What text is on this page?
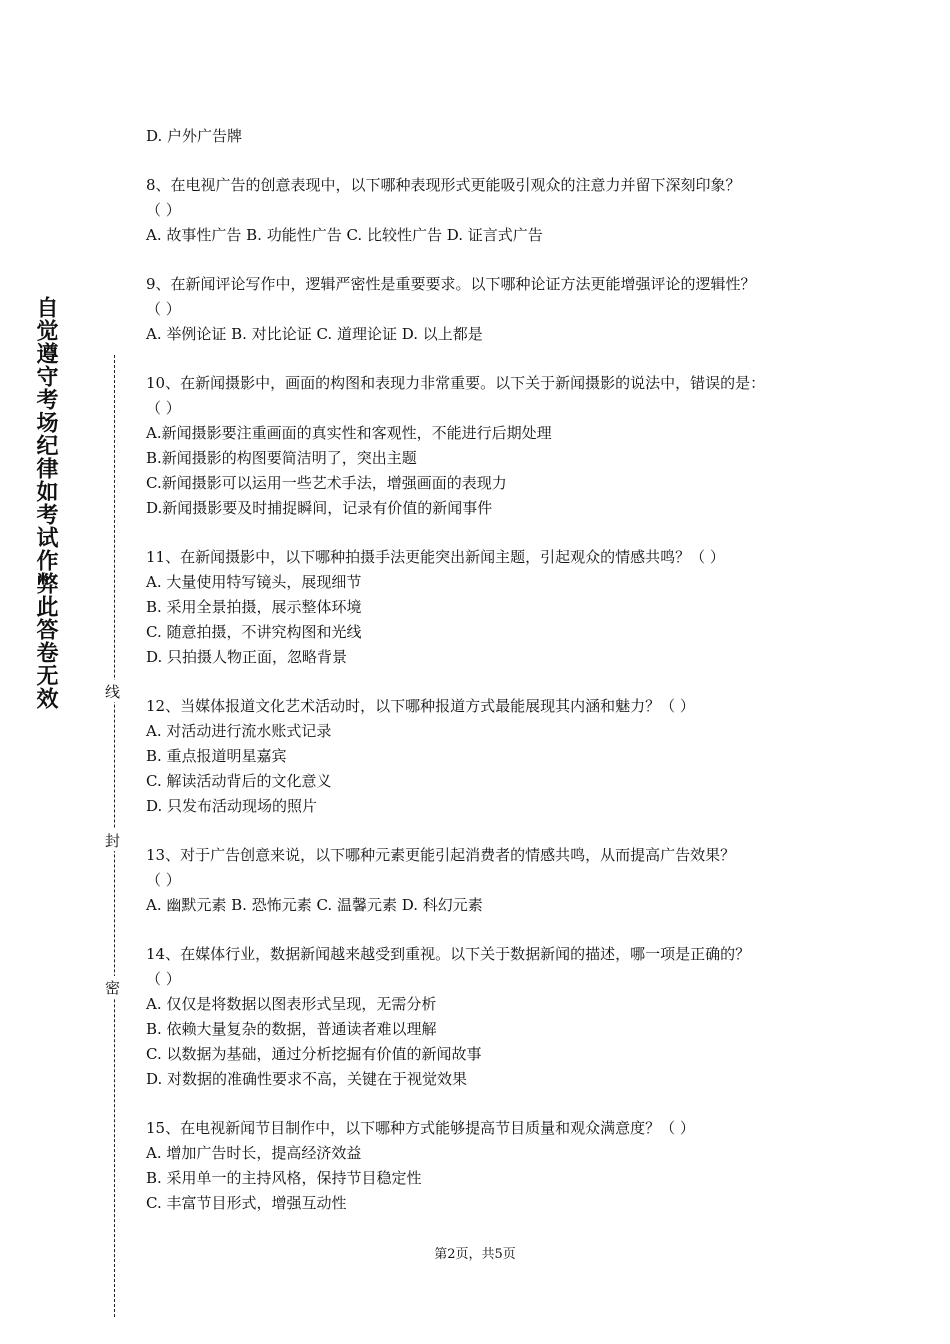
自觉遵守考场纪律如考试作弊此答卷无效	线
封
密
D. 户外广告牌
8、在电视广告的创意表现中，以下哪种表现形式更能吸引观众的注意力并留下深刻印象？
（ ）
A. 故事性广告 B. 功能性广告 C. 比较性广告 D. 证言式广告
9、在新闻评论写作中，逻辑严密性是重要要求。以下哪种论证方法更能增强评论的逻辑性？
（ ）
A. 举例论证 B. 对比论证 C. 道理论证 D. 以上都是
10、在新闻摄影中，画面的构图和表现力非常重要。以下关于新闻摄影的说法中，错误的是：
（ ）
A.新闻摄影要注重画面的真实性和客观性，不能进行后期处理
B.新闻摄影的构图要简洁明了，突出主题
C.新闻摄影可以运用一些艺术手法，增强画面的表现力
D.新闻摄影要及时捕捉瞬间，记录有价值的新闻事件
11、在新闻摄影中，以下哪种拍摄手法更能突出新闻主题，引起观众的情感共鸣？（ ）
A. 大量使用特写镜头，展现细节
B. 采用全景拍摄，展示整体环境
C. 随意拍摄，不讲究构图和光线
D. 只拍摄人物正面，忽略背景
12、当媒体报道文化艺术活动时，以下哪种报道方式最能展现其内涵和魅力？（ ）
A. 对活动进行流水账式记录
B. 重点报道明星嘉宾
C. 解读活动背后的文化意义
D. 只发布活动现场的照片
13、对于广告创意来说，以下哪种元素更能引起消费者的情感共鸣，从而提高广告效果？
（ ）
A. 幽默元素 B. 恐怖元素 C. 温馨元素 D. 科幻元素
14、在媒体行业，数据新闻越来越受到重视。以下关于数据新闻的描述，哪一项是正确的？
（ ）
A. 仅仅是将数据以图表形式呈现，无需分析
B. 依赖大量复杂的数据，普通读者难以理解
C. 以数据为基础，通过分析挖掘有价值的新闻故事
D. 对数据的准确性要求不高，关键在于视觉效果
15、在电视新闻节目制作中，以下哪种方式能够提高节目质量和观众满意度？（ ）
A. 增加广告时长，提高经济效益
B. 采用单一的主持风格，保持节目稳定性
C. 丰富节目形式，增强互动性
第2页，共5页
